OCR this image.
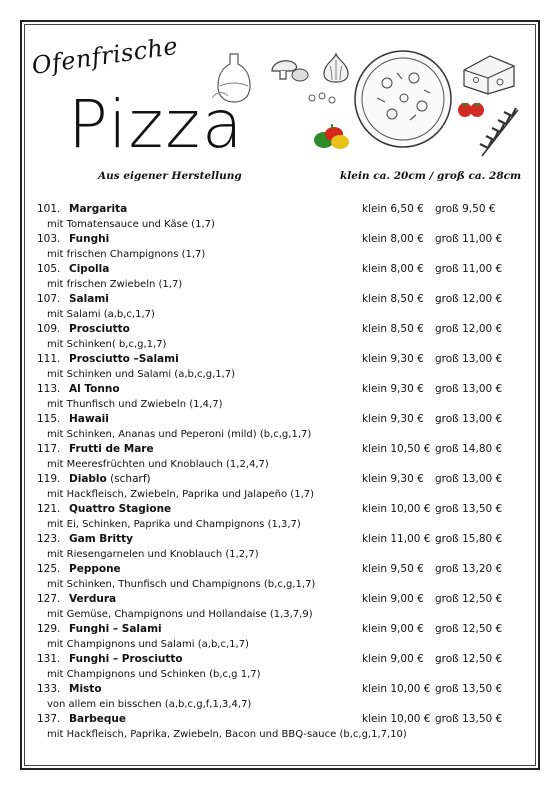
Ofenfrische
Pizza
Aus eigener Herstellung	klein ca. 20cm / groß ca. 28cm
101. Margarita	klein 6,50 € groß 9,50 €
mit Tomatensauce und Käse (1,7)
103. Funghi	klein 8,00 € groß 11,00 €
mit frischen Champignons (1,7)
105. Cipolla	klein 8,00 € groß 11,00 €
mit frischen Zwiebeln (1,7)
107. Salami	klein 8,50 € groß 12,00 €
mit Salami (a,b,c,1,7)
109. Prosciutto	klein 8,50 € groß 12,00 €
mit Schinken( b,c,g,1,7)
111. Prosciutto –Salami	klein 9,30 € groß 13,00 €
mit Schinken und Salami (a,b,c,g,1,7)
113. Al Tonno	klein 9,30 € groß 13,00 €
mit Thunfisch und Zwiebeln (1,4,7)
115. Hawaii	klein 9,30 € groß 13,00 €
mit Schinken, Ananas und Peperoni (mild) (b,c,g,1,7)
117. Frutti de Mare	klein 10,50 € groß 14,80 €
mit Meeresfrüchten und Knoblauch (1,2,4,7)
119. Diablo (scharf)	klein 9,30 € groß 13,00 €
mit Hackfleisch, Zwiebeln, Paprika und Jalapeño (1,7)
121. Quattro Stagione	klein 10,00 € groß 13,50 €
mit Ei, Schinken, Paprika und Champignons (1,3,7)
123. Gam Britty	klein 11,00 € groß 15,80 €
mit Riesengarnelen und Knoblauch (1,2,7)
125. Peppone	klein 9,50 € groß 13,20 €
mit Schinken, Thunfisch und Champignons (b,c,g,1,7)
127. Verdura	klein 9,00 € groß 12,50 €
mit Gemüse, Champignons und Hollandaise (1,3,7,9)
129. Funghi – Salami	klein 9,00 € groß 12,50 €
mit Champignons und Salami (a,b,c,1,7)
131. Funghi – Prosciutto	klein 9,00 € groß 12,50 €
mit Champignons und Schinken (b,c,g 1,7)
133. Misto	klein 10,00 € groß 13,50 €
von allem ein bisschen (a,b,c,g,f,1,3,4,7)
137. Barbeque	klein 10,00 € groß 13,50 €
mit Hackfleisch, Paprika, Zwiebeln, Bacon und BBQ-sauce (b,c,g,1,7,10)
